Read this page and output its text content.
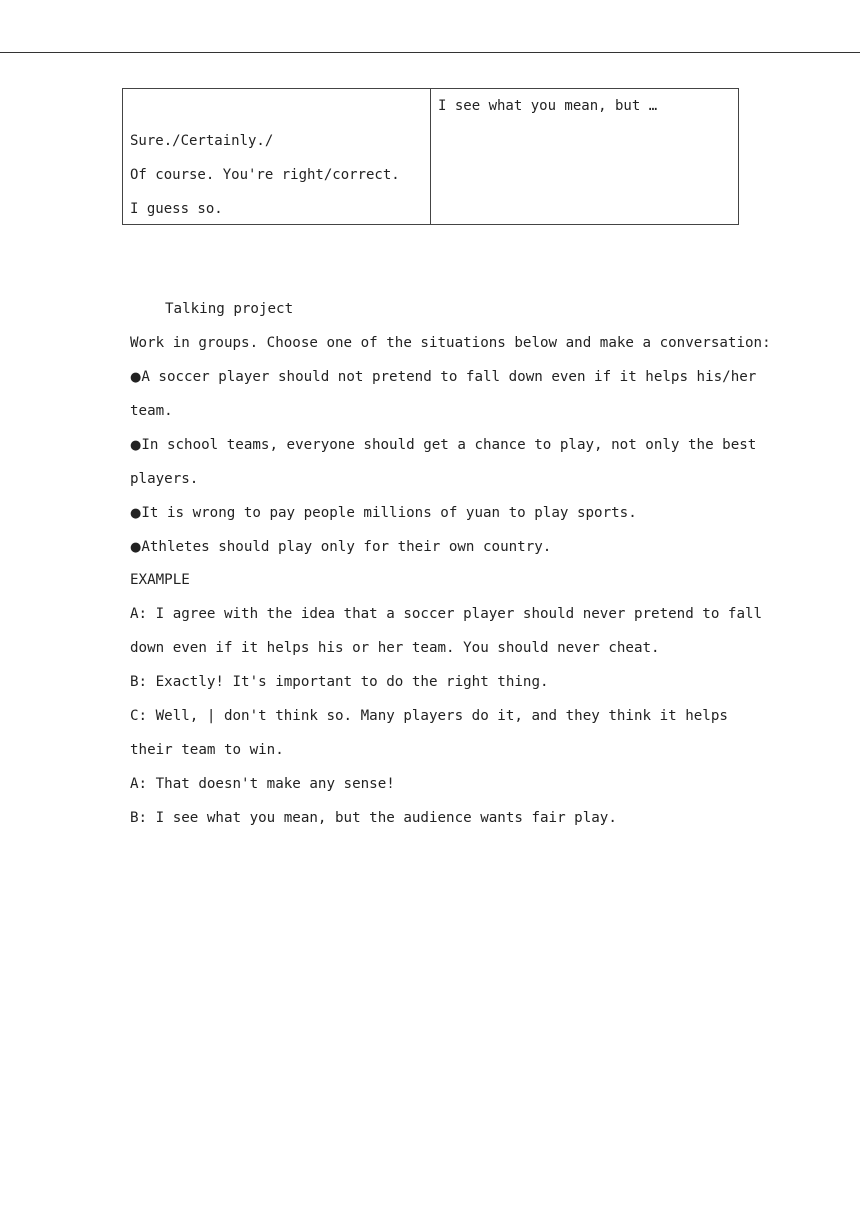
Sure./Certainly./
Of course. You're right/correct.
I guess so.
I see what you mean, but …
Talking project
Work in groups. Choose one of the situations below and make a conversation:
●A soccer player should not pretend to fall down even if it helps his/her
team.
●In school teams, everyone should get a chance to play, not only the best
players.
●It is wrong to pay people millions of yuan to play sports.
●Athletes should play only for their own country.
EXAMPLE
A: I agree with the idea that a soccer player should never pretend to fall
down even if it helps his or her team. You should never cheat.
B: Exactly! It's important to do the right thing.
C: Well, | don't think so. Many players do it, and they think it helps
their team to win.
A: That doesn't make any sense!
B: I see what you mean, but the audience wants fair play.
